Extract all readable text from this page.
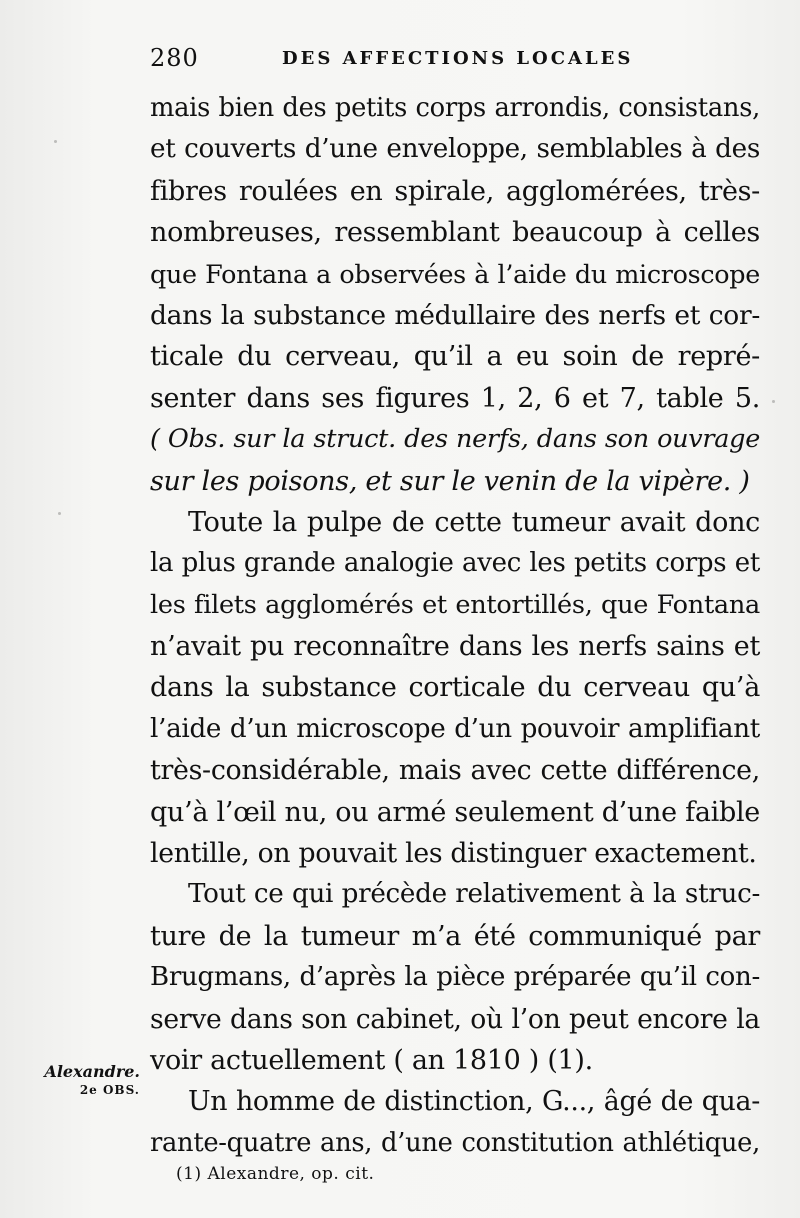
280	DES AFFECTIONS LOCALES
mais bien des petits corps arrondis, consistans,
et couverts d’une enveloppe, semblables à des
fibres roulées en spirale, agglomérées, très-
nombreuses, ressemblant beaucoup à celles
que Fontana a observées à l’aide du microscope
dans la substance médullaire des nerfs et cor-
ticale du cerveau, qu’il a eu soin de repré-
senter dans ses figures 1, 2, 6 et 7, table 5.
( Obs. sur la struct. des nerfs, dans son ouvrage
sur les poisons, et sur le venin de la vipère. )
Toute la pulpe de cette tumeur avait donc
la plus grande analogie avec les petits corps et
les filets agglomérés et entortillés, que Fontana
n’avait pu reconnaître dans les nerfs sains et
dans la substance corticale du cerveau qu’à
l’aide d’un microscope d’un pouvoir amplifiant
très-considérable, mais avec cette différence,
qu’à l’œil nu, ou armé seulement d’une faible
lentille, on pouvait les distinguer exactement.
Tout ce qui précède relativement à la struc-
ture de la tumeur m’a été communiqué par
Brugmans, d’après la pièce préparée qu’il con-
serve dans son cabinet, où l’on peut encore la
voir actuellement ( an 1810 ) (1).
Un homme de distinction, G..., âgé de qua-
rante-quatre ans, d’une constitution athlétique,
Alexandre.
2e OBS.
(1) Alexandre, op. cit.
